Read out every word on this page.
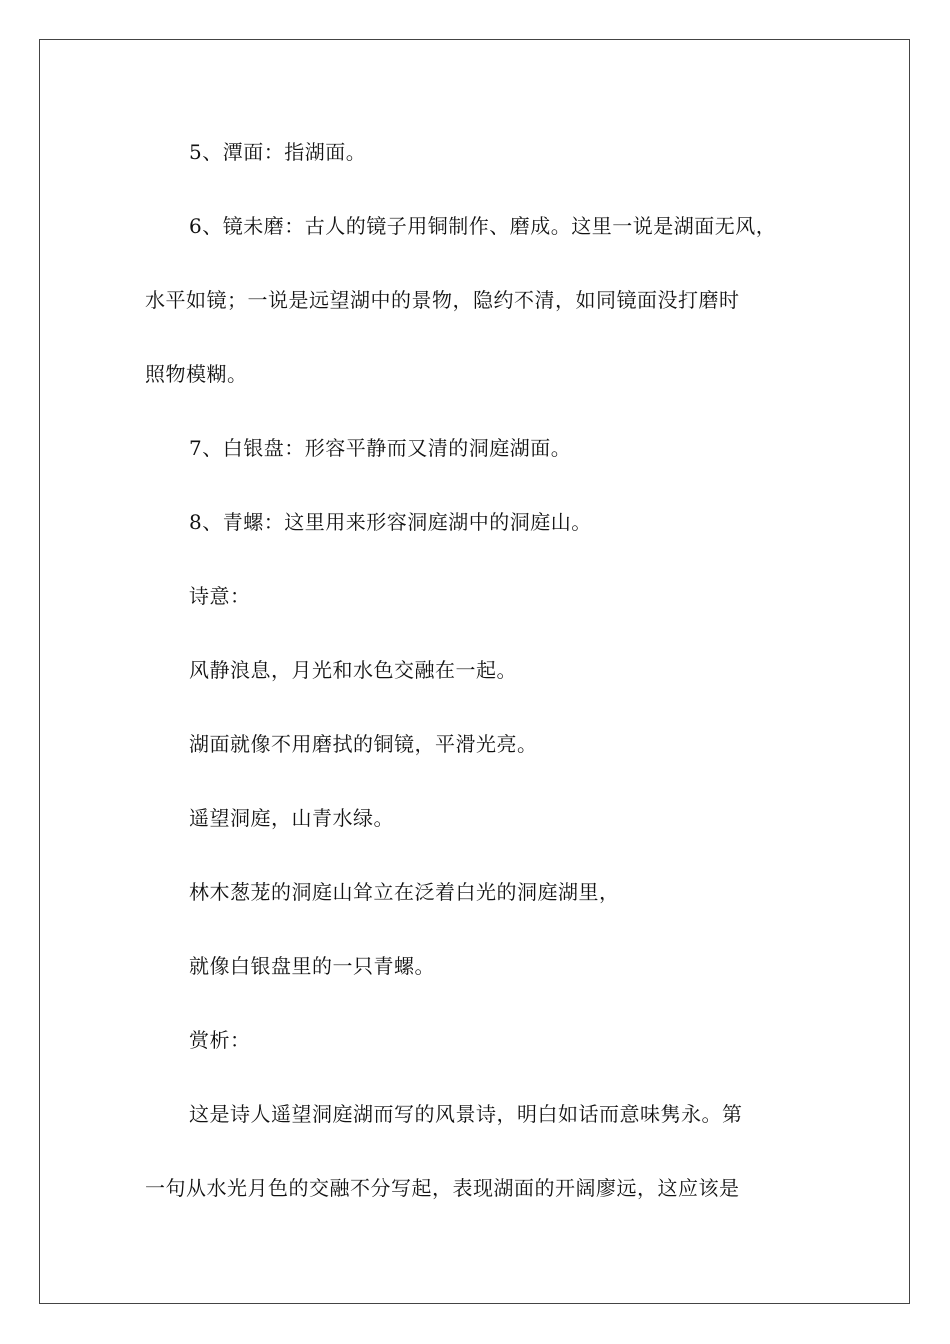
5、潭面：指湖面。
6、镜未磨：古人的镜子用铜制作、磨成。这里一说是湖面无风，
水平如镜；一说是远望湖中的景物，隐约不清，如同镜面没打磨时
照物模糊。
7、白银盘：形容平静而又清的洞庭湖面。
8、青螺：这里用来形容洞庭湖中的洞庭山。
诗意：
风静浪息，月光和水色交融在一起。
湖面就像不用磨拭的铜镜，平滑光亮。
遥望洞庭，山青水绿。
林木葱茏的洞庭山耸立在泛着白光的洞庭湖里，
就像白银盘里的一只青螺。
赏析：
这是诗人遥望洞庭湖而写的风景诗，明白如话而意味隽永。第
一句从水光月色的交融不分写起，表现湖面的开阔廖远，这应该是
